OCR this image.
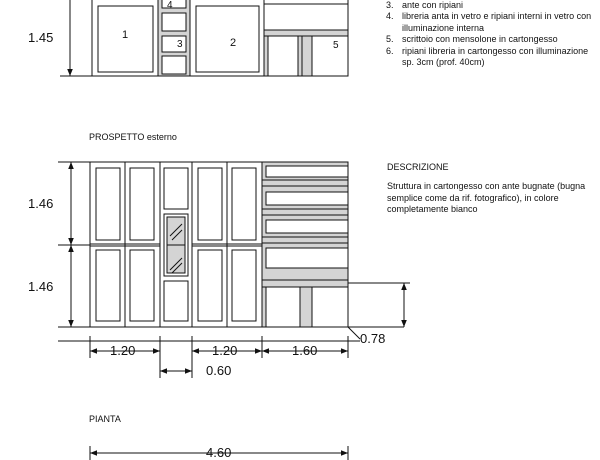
1.45	1
2
3
4
5
3. ante con ripiani
4. libreria anta in vetro e ripiani interni in vetro con illuminazione interna
5. scrittoio con mensolone in cartongesso
6. ripiani libreria in cartongesso con illuminazione sp. 3cm (prof. 40cm)
PROSPETTO esterno
1.46
1.46
DESCRIZIONE
Struttura in cartongesso con ante bugnate (bugna semplice come da rif. fotografico), in colore completamente bianco
0.78
1.20	1.20	1.60
0.60
PIANTA
4.60
